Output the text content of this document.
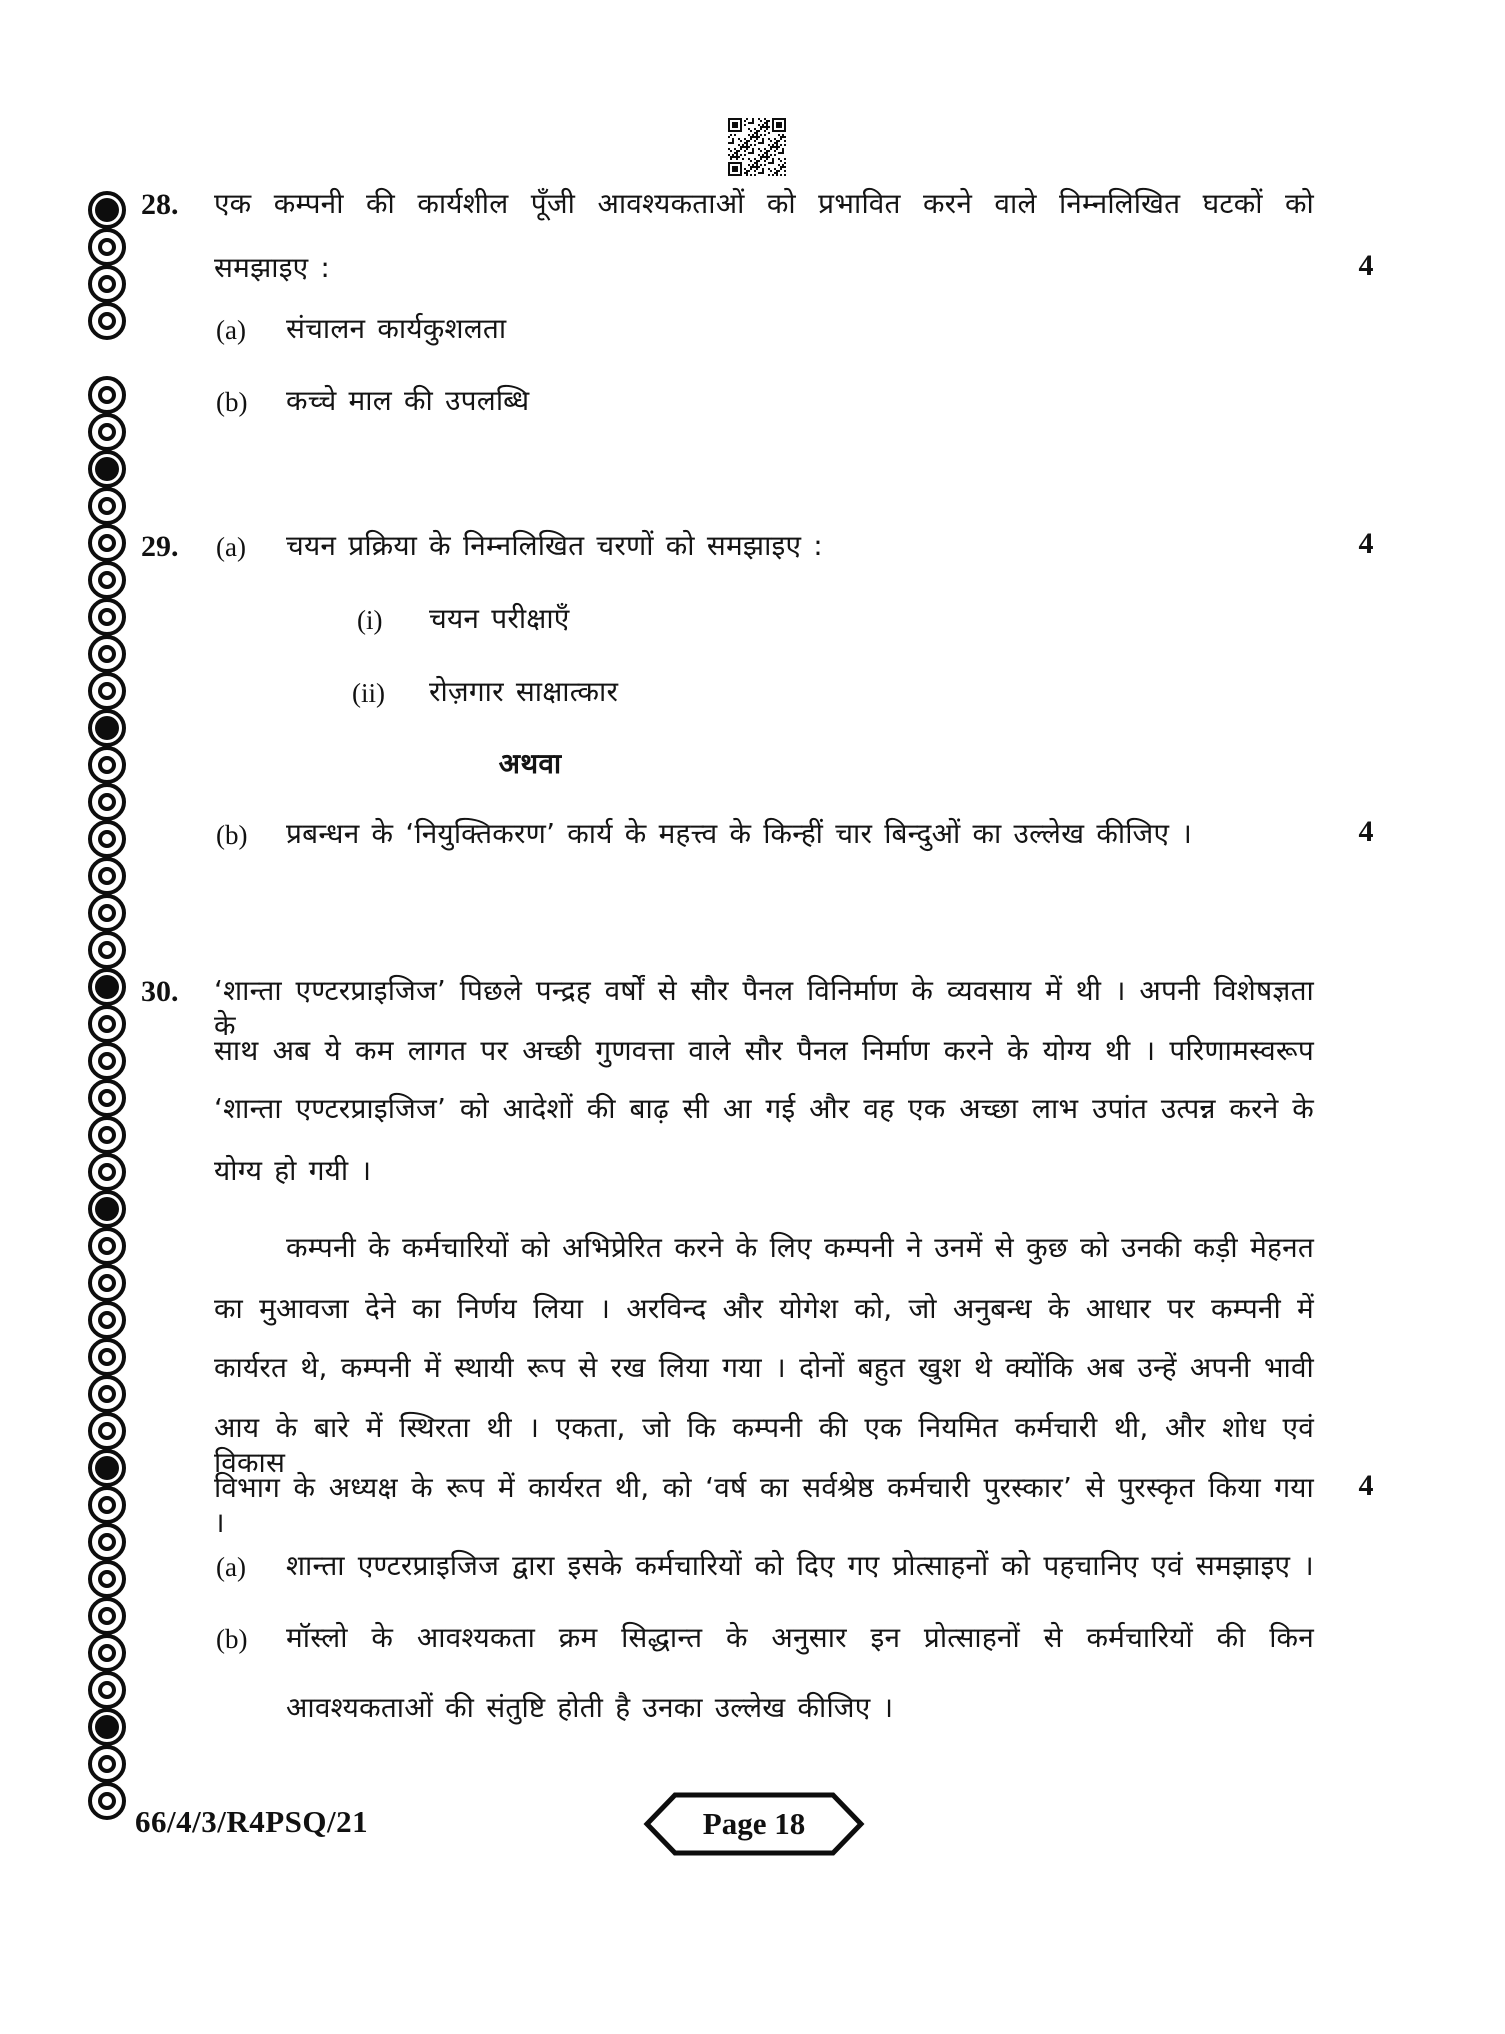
28. एक कम्पनी की कार्यशील पूँजी आवश्यकताओं को प्रभावित करने वाले निम्नलिखित घटकों को
समझाइए :	4
(a) संचालन कार्यकुशलता
(b) कच्चे माल की उपलब्धि
29. (a) चयन प्रक्रिया के निम्नलिखित चरणों को समझाइए :	4
(i) चयन परीक्षाएँ
(ii) रोज़गार साक्षात्कार
अथवा
(b) प्रबन्धन के ‘नियुक्तिकरण’ कार्य के महत्त्व के किन्हीं चार बिन्दुओं का उल्लेख कीजिए ।	4
30. ‘शान्ता एण्टरप्राइजिज’ पिछले पन्द्रह वर्षों से सौर पैनल विनिर्माण के व्यवसाय में थी । अपनी विशेषज्ञता के
साथ अब ये कम लागत पर अच्छी गुणवत्ता वाले सौर पैनल निर्माण करने के योग्य थी । परिणामस्वरूप
‘शान्ता एण्टरप्राइजिज’ को आदेशों की बाढ़ सी आ गई और वह एक अच्छा लाभ उपांत उत्पन्न करने के
योग्य हो गयी ।
कम्पनी के कर्मचारियों को अभिप्रेरित करने के लिए कम्पनी ने उनमें से कुछ को उनकी कड़ी मेहनत
का मुआवजा देने का निर्णय लिया । अरविन्द और योगेश को, जो अनुबन्ध के आधार पर कम्पनी में
कार्यरत थे, कम्पनी में स्थायी रूप से रख लिया गया । दोनों बहुत खुश थे क्योंकि अब उन्हें अपनी भावी
आय के बारे में स्थिरता थी । एकता, जो कि कम्पनी की एक नियमित कर्मचारी थी, और शोध एवं विकास
विभाग के अध्यक्ष के रूप में कार्यरत थी, को ‘वर्ष का सर्वश्रेष्ठ कर्मचारी पुरस्कार’ से पुरस्कृत किया गया ।
4
(a) शान्ता एण्टरप्राइजिज द्वारा इसके कर्मचारियों को दिए गए प्रोत्साहनों को पहचानिए एवं समझाइए ।
(b) मॉस्लो के आवश्यकता क्रम सिद्धान्त के अनुसार इन प्रोत्साहनों से कर्मचारियों की किन
आवश्यकताओं की संतुष्टि होती है उनका उल्लेख कीजिए ।
66/4/3/R4PSQ/21	Page 18
